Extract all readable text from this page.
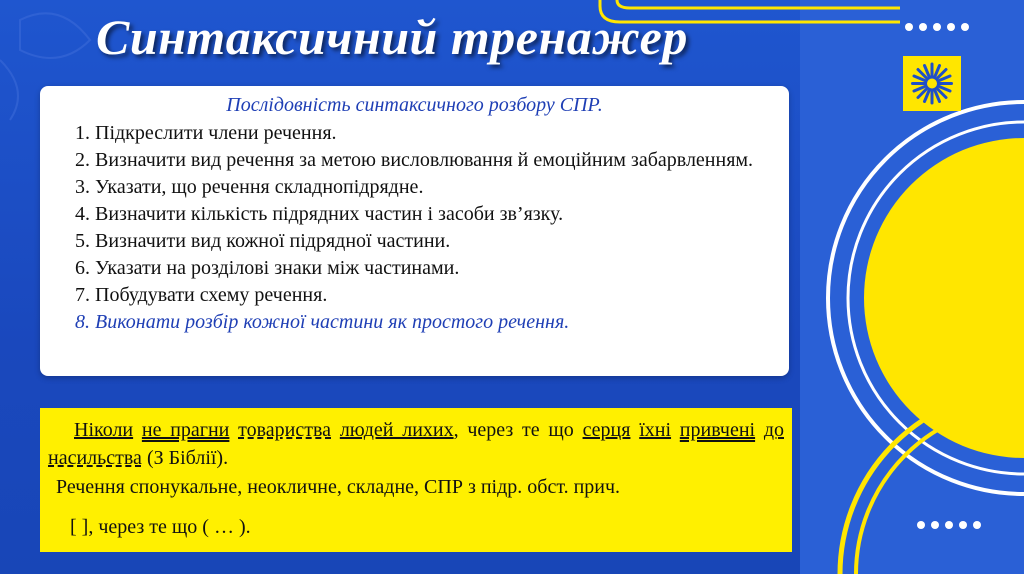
Синтаксичний тренажер
Послідовність синтаксичного розбору СПР.
1. Підкреслити члени речення.
2. Визначити вид речення за метою висловлювання й емоційним забарвленням.
3. Указати, що речення складнопідрядне.
4. Визначити кількість підрядних частин і засоби зв’язку.
5. Визначити вид кожної підрядної частини.
6. Указати на розділові знаки між частинами.
7. Побудувати схему речення.
8. Виконати розбір кожної частини як простого речення.
Ніколи не прагни товариства людей лихих, через те що серця їхні привчені до насильства (З Біблії).
Речення спонукальне, неокличне, складне, СПР з підр. обст. прич.
[ ], через те що ( … ).
